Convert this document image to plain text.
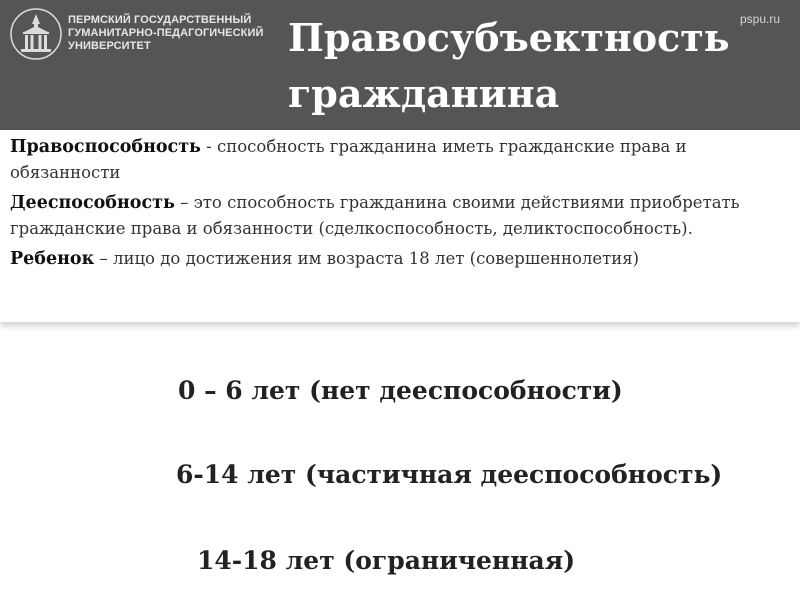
ПЕРМСКИЙ ГОСУДАРСТВЕННЫЙ
ГУМАНИТАРНО-ПЕДАГОГИЧЕСКИЙ
УНИВЕРСИТЕТ
pspu.ru
Правосубъектность
гражданина

Правоспособность - способность гражданина иметь гражданские права и обязанности

Дееспособность – это способность гражданина своими действиями приобретать гражданские права и обязанности (сделкоспособность, деликтоспособность).

Ребенок – лицо до достижения им возраста 18 лет (совершеннолетия)

0 – 6 лет (нет дееспособности)
6-14 лет (частичная дееспособность)
14-18 лет (ограниченная)
